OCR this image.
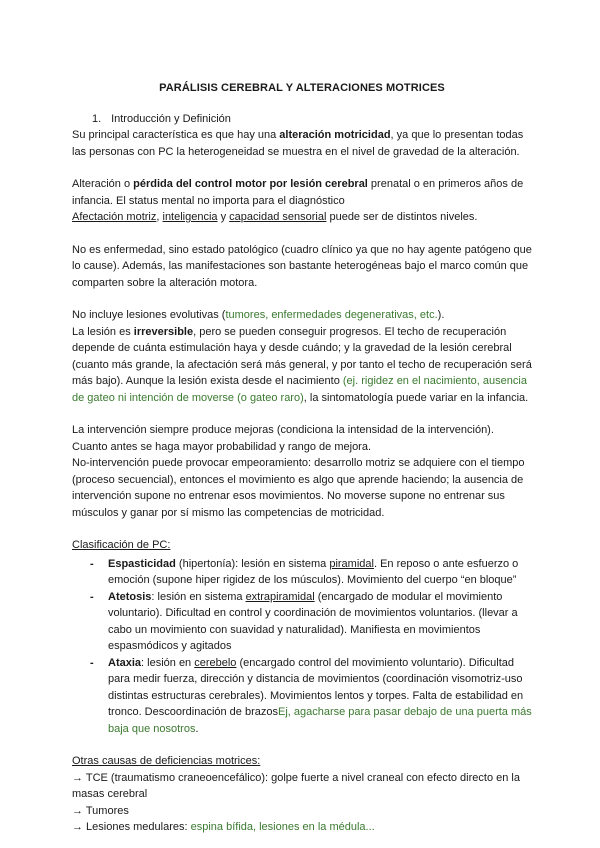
PARÁLISIS CEREBRAL Y ALTERACIONES MOTRICES

1. Introducción y Definición

Su principal característica es que hay una alteración motricidad, ya que lo presentan todas las personas con PC la heterogeneidad se muestra en el nivel de gravedad de la alteración.

Alteración o pérdida del control motor por lesión cerebral prenatal o en primeros años de infancia. El status mental no importa para el diagnóstico
Afectación motriz, inteligencia y capacidad sensorial puede ser de distintos niveles.

No es enfermedad, sino estado patológico (cuadro clínico ya que no hay agente patógeno que lo cause). Además, las manifestaciones son bastante heterogéneas bajo el marco común que comparten sobre la alteración motora.

No incluye lesiones evolutivas (tumores, enfermedades degenerativas, etc.).

La lesión es irreversible, pero se pueden conseguir progresos. El techo de recuperación depende de cuánta estimulación haya y desde cuándo; y la gravedad de la lesión cerebral (cuanto más grande, la afectación será más general, y por tanto el techo de recuperación será más bajo). Aunque la lesión exista desde el nacimiento (ej. rigidez en el nacimiento, ausencia de gateo ni intención de moverse (o gateo raro), la sintomatología puede variar en la infancia.

La intervención siempre produce mejoras (condiciona la intensidad de la intervención). Cuanto antes se haga mayor probabilidad y rango de mejora.

No-intervención puede provocar empeoramiento: desarrollo motriz se adquiere con el tiempo (proceso secuencial), entonces el movimiento es algo que aprende haciendo; la ausencia de intervención supone no entrenar esos movimientos. No moverse supone no entrenar sus músculos y ganar por sí mismo las competencias de motricidad.

Clasificación de PC:

- Espasticidad (hipertonía): lesión en sistema piramidal. En reposo o ante esfuerzo o emoción (supone hiper rigidez de los músculos). Movimiento del cuerpo “en bloque”
- Atetosis: lesión en sistema extrapiramidal (encargado de modular el movimiento voluntario). Dificultad en control y coordinación de movimientos voluntarios. (llevar a cabo un movimiento con suavidad y naturalidad). Manifiesta en movimientos espasmódicos y agitados
- Ataxia: lesión en cerebelo (encargado control del movimiento voluntario). Dificultad para medir fuerza, dirección y distancia de movimientos (coordinación visomotriz-uso distintas estructuras cerebrales). Movimientos lentos y torpes. Falta de estabilidad en tronco. Descoordinación de brazosEj, agacharse para pasar debajo de una puerta más baja que nosotros.

Otras causas de deficiencias motrices:

→ TCE (traumatismo craneoencefálico): golpe fuerte a nivel craneal con efecto directo en la masas cerebral

→ Tumores

→ Lesiones medulares: espina bífida, lesiones en la médula...
